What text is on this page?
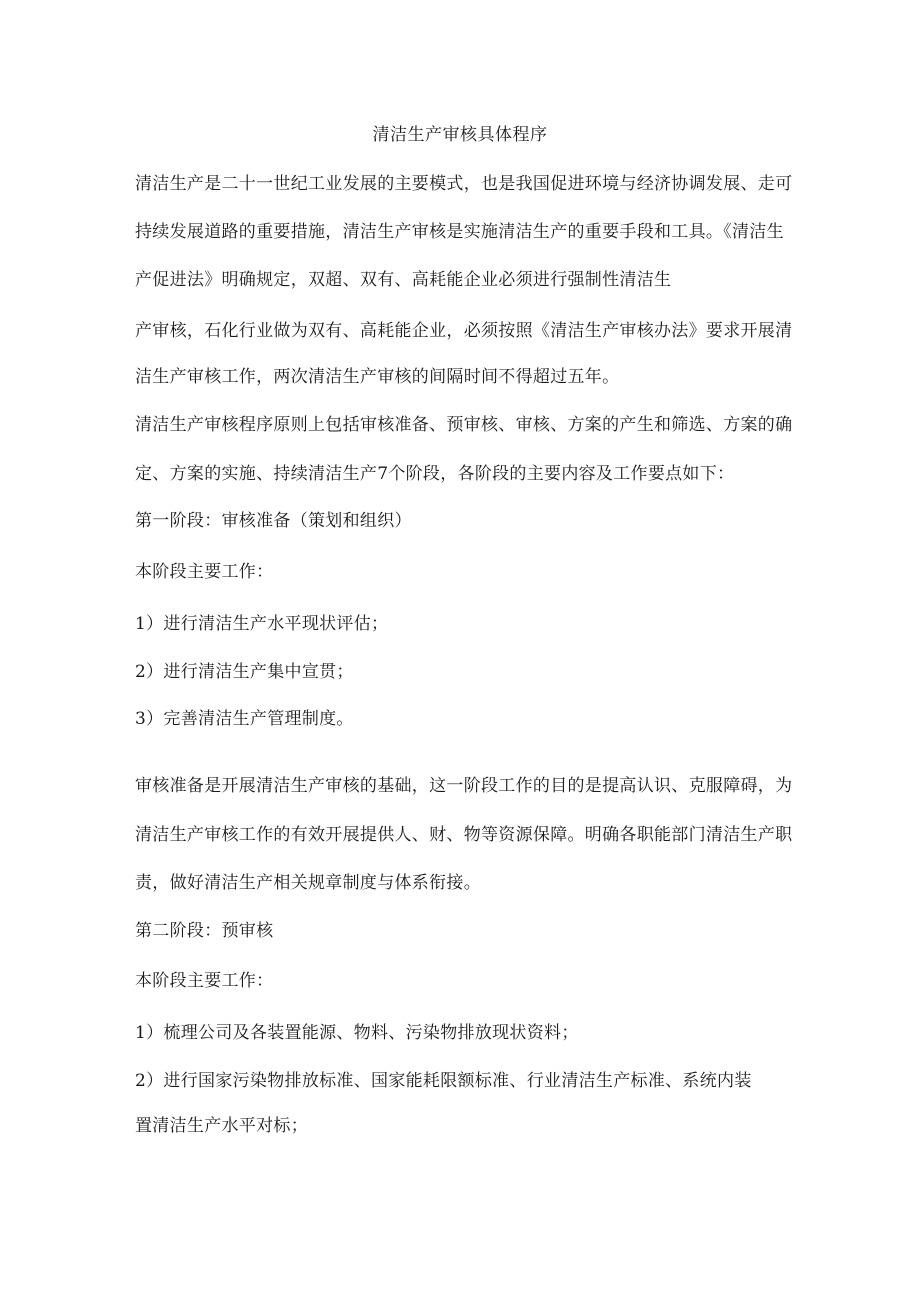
清洁生产审核具体程序
清洁生产是二十一世纪工业发展的主要模式，也是我国促进环境与经济协调发展、走可
持续发展道路的重要措施，清洁生产审核是实施清洁生产的重要手段和工具。《清洁生
产促进法》明确规定，双超、双有、高耗能企业必须进行强制性清洁生
产审核，石化行业做为双有、高耗能企业，必须按照《清洁生产审核办法》要求开展清
洁生产审核工作，两次清洁生产审核的间隔时间不得超过五年。
清洁生产审核程序原则上包括审核准备、预审核、审核、方案的产生和筛选、方案的确
定、方案的实施、持续清洁生产7个阶段，各阶段的主要内容及工作要点如下：
第一阶段：审核准备（策划和组织）
本阶段主要工作：
1）进行清洁生产水平现状评估；
2）进行清洁生产集中宣贯；
3）完善清洁生产管理制度。
审核准备是开展清洁生产审核的基础，这一阶段工作的目的是提高认识、克服障碍，为
清洁生产审核工作的有效开展提供人、财、物等资源保障。明确各职能部门清洁生产职
责，做好清洁生产相关规章制度与体系衔接。
第二阶段：预审核
本阶段主要工作：
1）梳理公司及各装置能源、物料、污染物排放现状资料；
2）进行国家污染物排放标准、国家能耗限额标准、行业清洁生产标准、系统内装
置清洁生产水平对标；
